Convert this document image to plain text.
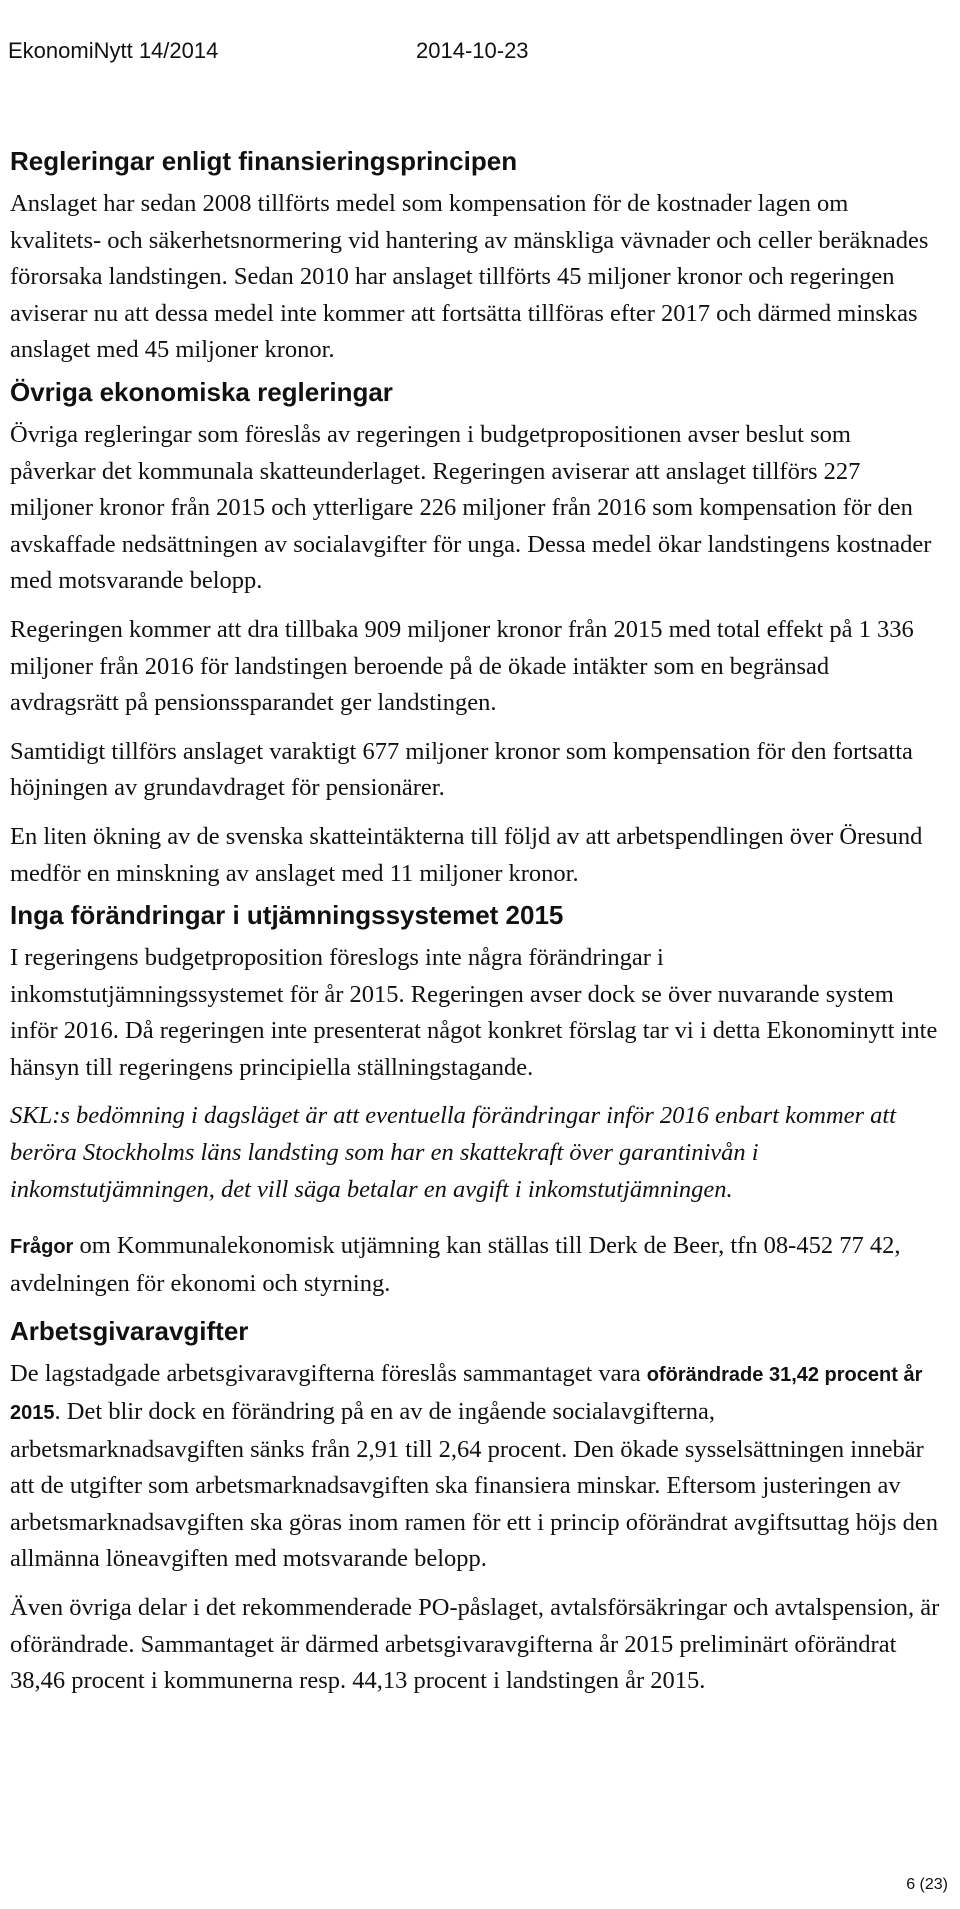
EkonomiNytt 14/2014	2014-10-23
Regleringar enligt finansieringsprincipen

Anslaget har sedan 2008 tillförts medel som kompensation för de kostnader lagen om kvalitets- och säkerhetsnormering vid hantering av mänskliga vävnader och celler beräknades förorsaka landstingen. Sedan 2010 har anslaget tillförts 45 miljoner kronor och regeringen aviserar nu att dessa medel inte kommer att fortsätta tillföras efter 2017 och därmed minskas anslaget med 45 miljoner kronor.

Övriga ekonomiska regleringar

Övriga regleringar som föreslås av regeringen i budgetpropositionen avser beslut som påverkar det kommunala skatteunderlaget. Regeringen aviserar att anslaget tillförs 227 miljoner kronor från 2015 och ytterligare 226 miljoner från 2016 som kompensation för den avskaffade nedsättningen av socialavgifter för unga. Dessa medel ökar landstingens kostnader med motsvarande belopp.

Regeringen kommer att dra tillbaka 909 miljoner kronor från 2015 med total effekt på 1 336 miljoner från 2016 för landstingen beroende på de ökade intäkter som en begränsad avdragsrätt på pensionssparandet ger landstingen.

Samtidigt tillförs anslaget varaktigt 677 miljoner kronor som kompensation för den fortsatta höjningen av grundavdraget för pensionärer.

En liten ökning av de svenska skatteintäkterna till följd av att arbetspendlingen över Öresund medför en minskning av anslaget med 11 miljoner kronor.

Inga förändringar i utjämningssystemet 2015

I regeringens budgetproposition föreslogs inte några förändringar i inkomstutjämningssystemet för år 2015. Regeringen avser dock se över nuvarande system inför 2016. Då regeringen inte presenterat något konkret förslag tar vi i detta Ekonominytt inte hänsyn till regeringens principiella ställningstagande.

SKL:s bedömning i dagsläget är att eventuella förändringar inför 2016 enbart kommer att beröra Stockholms läns landsting som har en skattekraft över garantinivån i inkomstutjämningen, det vill säga betalar en avgift i inkomstutjämningen.

Frågor om Kommunalekonomisk utjämning kan ställas till Derk de Beer, tfn 08-452 77 42, avdelningen för ekonomi och styrning.

Arbetsgivaravgifter

De lagstadgade arbetsgivaravgifterna föreslås sammantaget vara oförändrade 31,42 procent år 2015. Det blir dock en förändring på en av de ingående socialavgifterna, arbetsmarknadsavgiften sänks från 2,91 till 2,64 procent. Den ökade sysselsättningen innebär att de utgifter som arbetsmarknadsavgiften ska finansiera minskar. Eftersom justeringen av arbetsmarknadsavgiften ska göras inom ramen för ett i princip oförändrat avgiftsuttag höjs den allmänna löneavgiften med motsvarande belopp.

Även övriga delar i det rekommenderade PO-påslaget, avtalsförsäkringar och avtalspension, är oförändrade. Sammantaget är därmed arbetsgivaravgifterna år 2015 preliminärt oförändrat 38,46 procent i kommunerna resp. 44,13 procent i landstingen år 2015.

6 (23)
